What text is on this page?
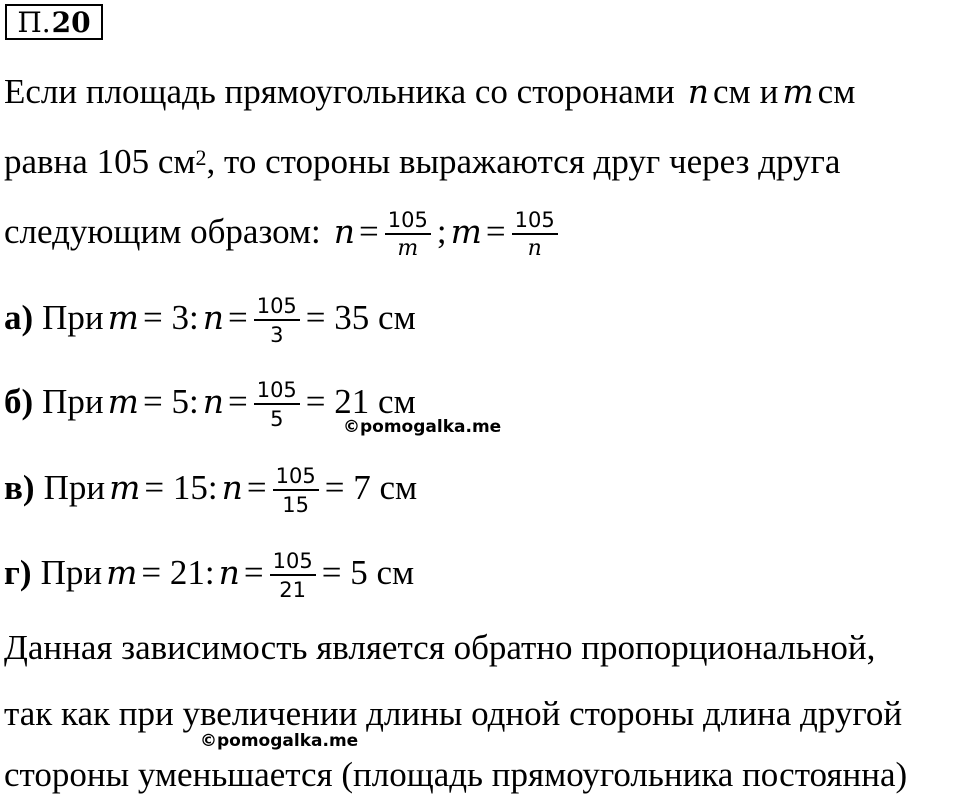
П. 20
Если площадь прямоугольника со сторонами n см и m см
равна 105 $см^2$ , то стороны выражаются друг через друга
следующим образом: $n = \frac{105}{m}$ ; $m = \frac{105}{n}$
а) При m = 3: $n = \frac{105}{3} = 35$ см
б) При m = 5: $n = \frac{105}{5} = 21$ см
©pomogalka.me
в) При m = 15: $n = \frac{105}{15} = 7$ см
г) При m = 21: $n = \frac{105}{21} = 5$ см
Данная зависимость является обратно пропорциональной,
так как при увеличении длины одной стороны длина другой
©pomogalka.me
стороны уменьшается (площадь прямоугольника постоянна)
